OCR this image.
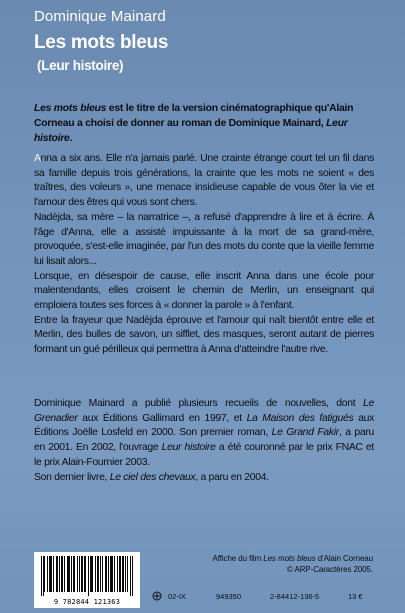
Dominique Mainard
Les mots bleus
(Leur histoire)
Les mots bleus est le titre de la version cinématographique qu'Alain Corneau a choisi de donner au roman de Dominique Mainard, Leur histoire.

Anna a six ans. Elle n'a jamais parlé. Une crainte étrange court tel un fil dans sa famille depuis trois générations, la crainte que les mots ne soient « des traîtres, des voleurs », une menace insidieuse capable de vous ôter la vie et l'amour des êtres qui vous sont chers.

Nadèjda, sa mère – la narratrice –, a refusé d'apprendre à lire et à écrire. À l'âge d'Anna, elle a assisté impuissante à la mort de sa grand-mère, provoquée, s'est-elle imaginée, par l'un des mots du conte que la vieille femme lui lisait alors...

Lorsque, en désespoir de cause, elle inscrit Anna dans une école pour malentendants, elles croisent le chemin de Merlin, un enseignant qui emploiera toutes ses forces à « donner la parole » à l'enfant.

Entre la frayeur que Nadèjda éprouve et l'amour qui naît bientôt entre elle et Merlin, des bulles de savon, un sifflet, des masques, seront autant de pierres formant un gué périlleux qui permettra à Anna d'atteindre l'autre rive.

Dominique Mainard a publié plusieurs recueils de nouvelles, dont Le Grenadier aux Éditions Gallimard en 1997, et La Maison des fatigués aux Éditions Joëlle Losfeld en 2000. Son premier roman, Le Grand Fakir, a paru en 2001. En 2002, l'ouvrage Leur histoire a été couronné par le prix FNAC et le prix Alain-Fournier 2003.

Son dernier livre, Le ciel des chevaux, a paru en 2004.

Affiche du film Les mots bleus d'Alain Corneau
© ARP-Caractères 2005.
9 782844 121363
02-IX	949350	2-84412-136-5	13 €
